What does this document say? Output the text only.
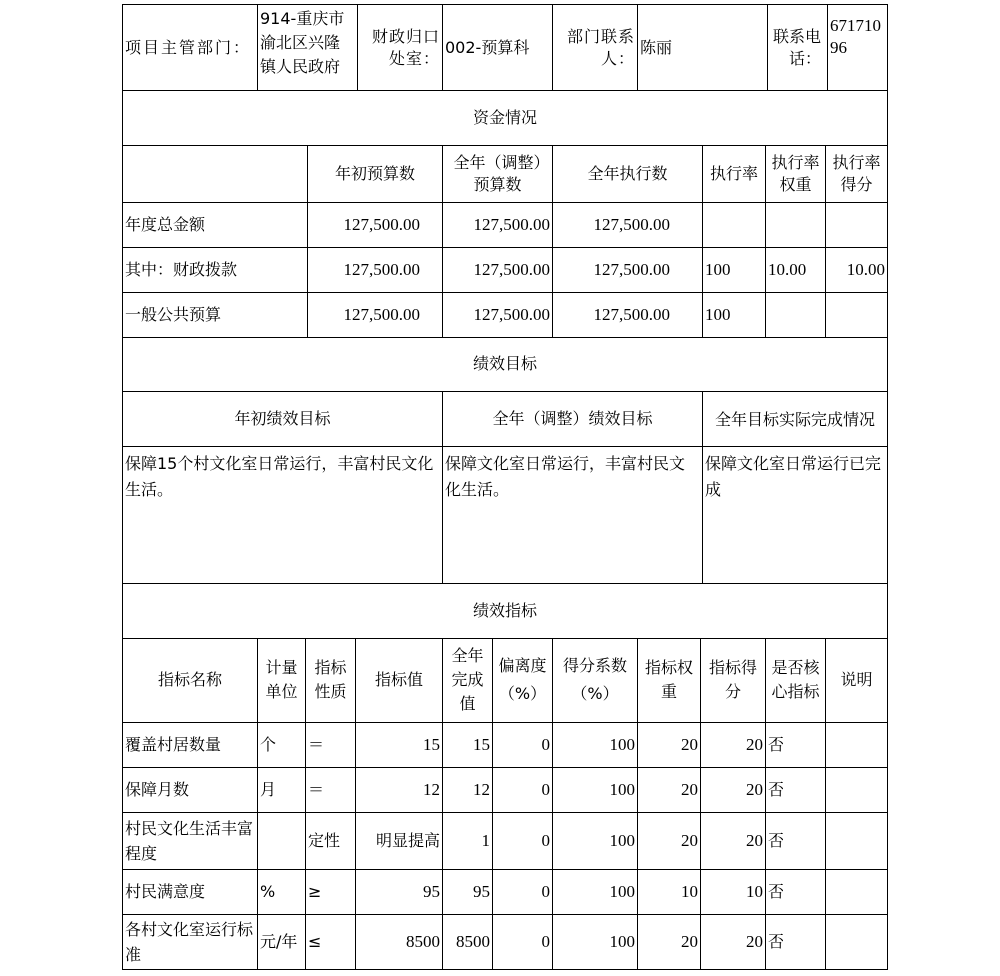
项目主管部门：	914-重庆市渝北区兴隆镇人民政府	财政归口处室：	002-预算科	部门联系人：	陈丽	联系电话：	67171096
资金情况						
	年初预算数	全年（调整）预算数	全年执行数	执行率	执行率权重	执行率得分
年度总金额	127,500.00	127,500.00	127,500.00			
其中：财政拨款	127,500.00	127,500.00	127,500.00	100	10.00	10.00
一般公共预算	127,500.00	127,500.00	127,500.00	100		
绩效目标		
年初绩效目标	全年（调整）绩效目标	全年目标实际完成情况
保障15个村文化室日常运行，丰富村民文化生活。	保障文化室日常运行，丰富村民文化生活。	保障文化室日常运行已完成
绩效指标										
指标名称	计量单位	指标性质	指标值	全年完成值	偏离度（%）	得分系数（%）	指标权重	指标得分	是否核心指标	说明
覆盖村居数量	个	＝	15	15	0	100	20	20	否	
保障月数	月	＝	12	12	0	100	20	20	否	
村民文化生活丰富程度		定性	明显提高	1	0	100	20	20	否	
村民满意度	%	≥	95	95	0	100	10	10	否	
各村文化室运行标准	元/年	≤	8500	8500	0	100	20	20	否	
